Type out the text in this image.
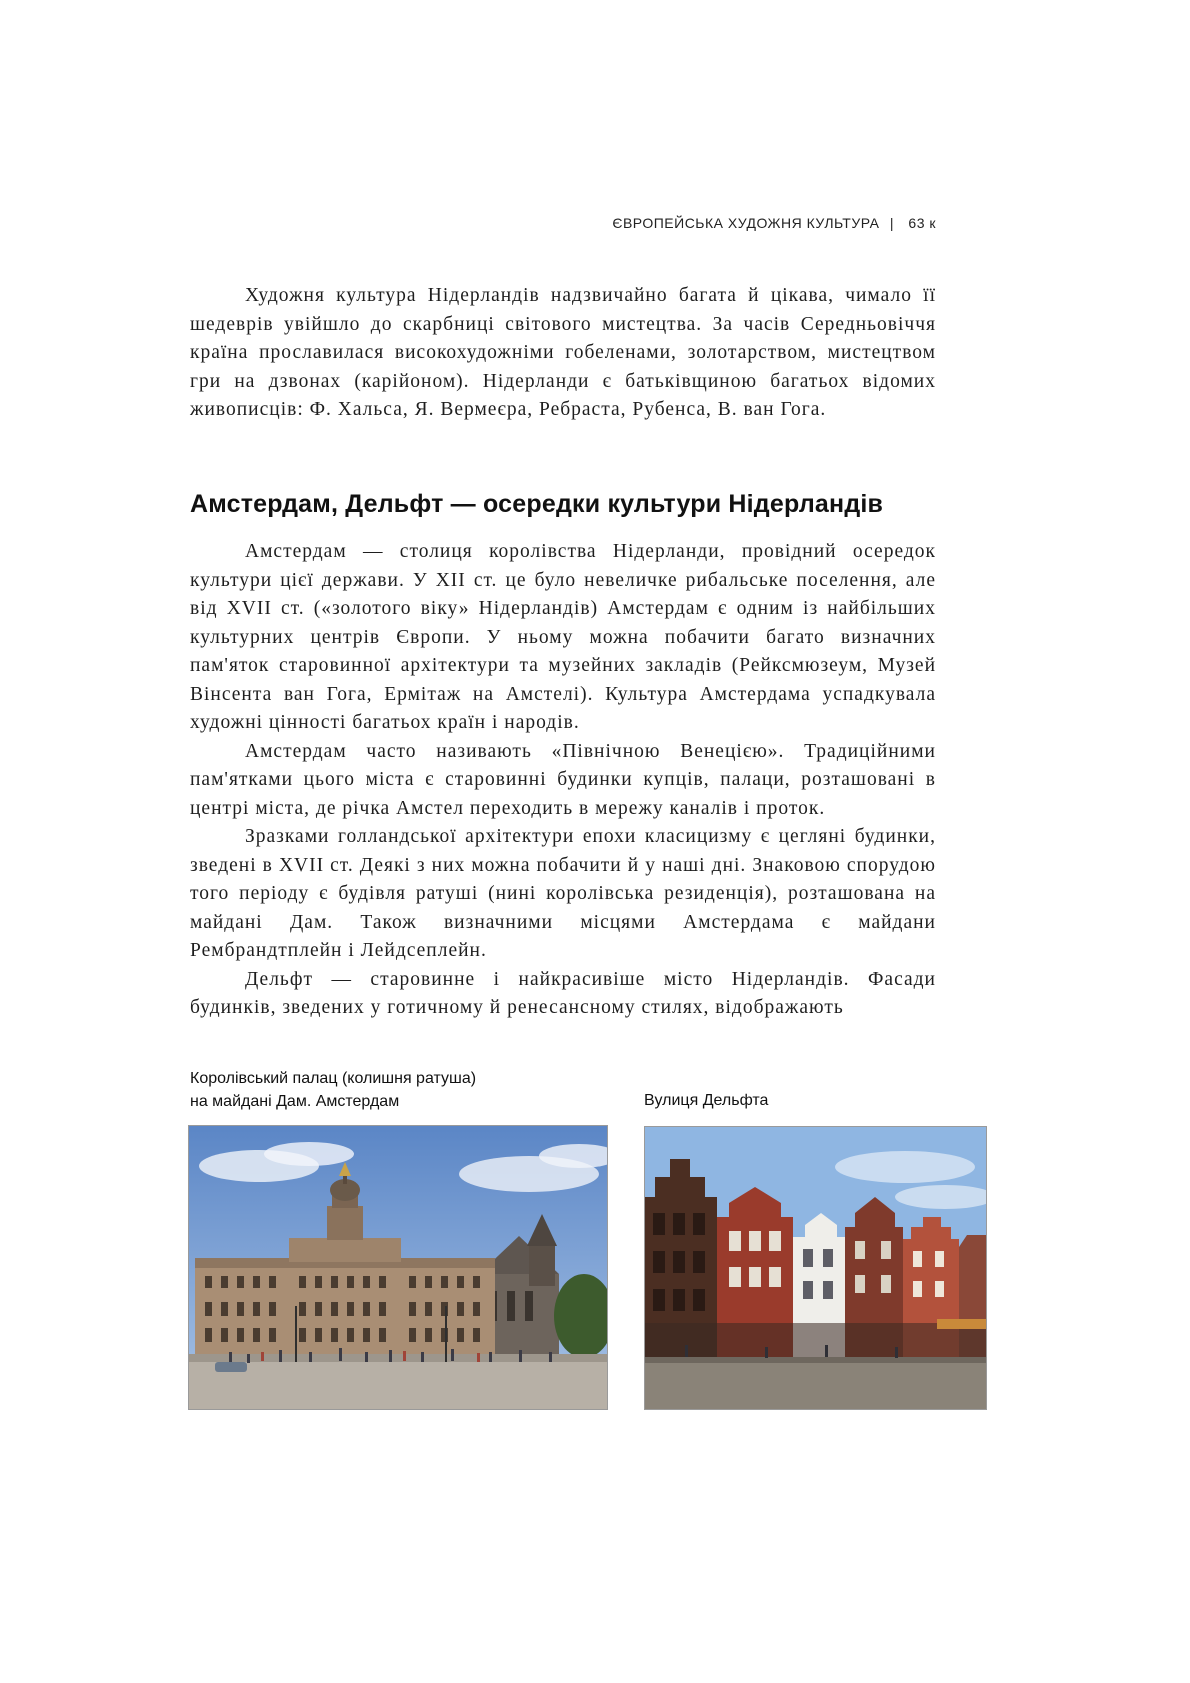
ЄВРОПЕЙСЬКА ХУДОЖНЯ КУЛЬТУРА | 63 к

Художня культура Нідерландів надзвичайно багата й цікава, чимало її шедеврів увійшло до скарбниці світового мистецтва. За часів Середньовіччя країна прославилася високохудожніми гобеленами, золотарством, мистецтвом гри на дзвонах (карійоном). Нідерланди є батьківщиною багатьох відомих живописців: Ф. Хальса, Я. Вермеєра, Ребраста, Рубенса, В. ван Гога.

Амстердам, Дельфт — осередки культури Нідерландів

Амстердам — столиця королівства Нідерланди, провідний осередок культури цієї держави. У XII ст. це було невеличке рибальське поселення, але від XVII ст. («золотого віку» Нідерландів) Амстердам є одним із найбільших культурних центрів Європи. У ньому можна побачити багато визначних пам'яток старовинної архітектури та музейних закладів (Рейксмюзеум, Музей Вінсента ван Гога, Ермітаж на Амстелі). Культура Амстердама успадкувала художні цінності багатьох країн і народів.

Амстердам часто називають «Північною Венецією». Традиційними пам'ятками цього міста є старовинні будинки купців, палаци, розташовані в центрі міста, де річка Амстел переходить в мережу каналів і проток.

Зразками голландської архітектури епохи класицизму є цегляні будинки, зведені в XVII ст. Деякі з них можна побачити й у наші дні. Знаковою спорудою того періоду є будівля ратуші (нині королівська резиденція), розташована на майдані Дам. Також визначними місцями Амстердама є майдани Рембрандтплейн і Лейдсеплейн.

Дельфт — старовинне і найкрасивіше місто Нідерландів. Фасади будинків, зведених у готичному й ренесансному стилях, відображають

Королівський палац (колишня ратуша)
на майдані Дам. Амстердам	Вулиця Дельфта
